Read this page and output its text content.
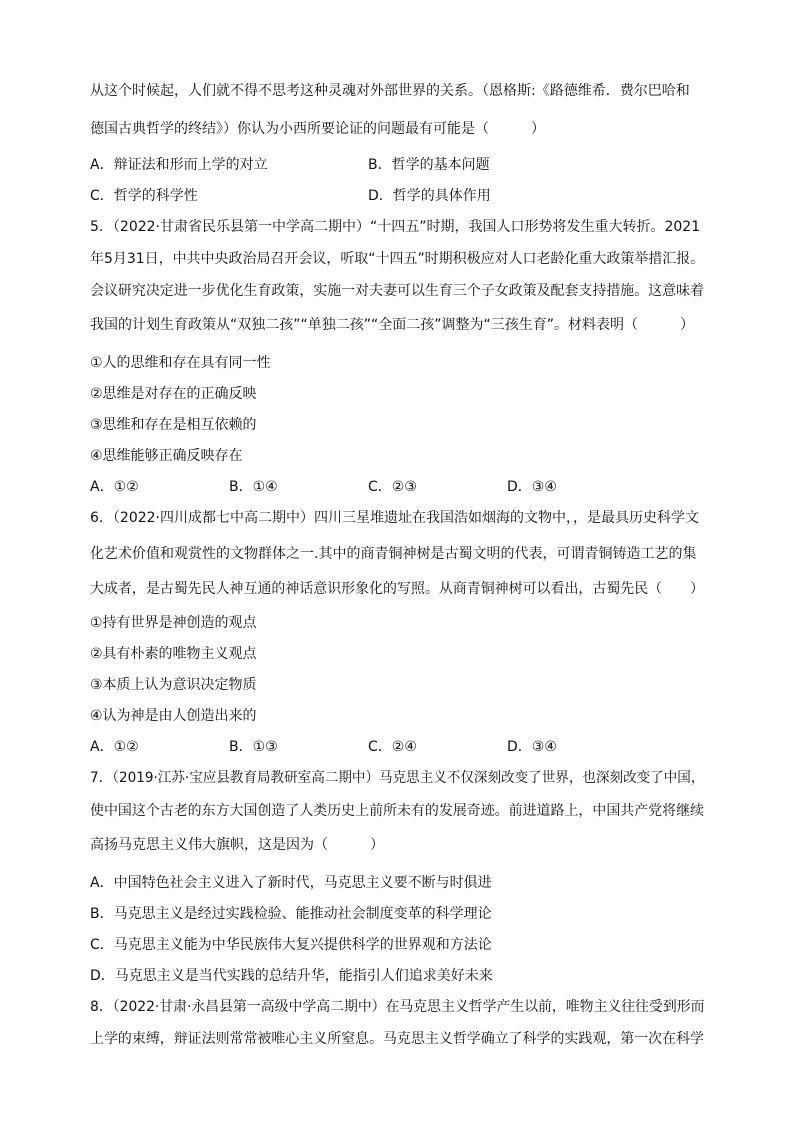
从这个时候起，人们就不得不思考这种灵魂对外部世界的关系。（恩格斯:《路德维希．费尔巴哈和
德国古典哲学的终结》）你认为小西所要论证的问题最有可能是（　　　）
A．辩证法和形而上学的对立	B．哲学的基本问题
C．哲学的科学性	D．哲学的具体作用
5．（2022·甘肃省民乐县第一中学高二期中）“十四五”时期，我国人口形势将发生重大转折。2021
年5月31日，中共中央政治局召开会议，听取“十四五”时期积极应对人口老龄化重大政策举措汇报。
会议研究决定进一步优化生育政策，实施一对夫妻可以生育三个子女政策及配套支持措施。这意味着
我国的计划生育政策从“双独二孩”“单独二孩”“全面二孩”调整为“三孩生育”。材料表明（　　　）
①人的思维和存在具有同一性
②思维是对存在的正确反映
③思维和存在是相互依赖的
④思维能够正确反映存在
A．①②	B．①④	C．②③	D．③④
6．（2022·四川成都七中高二期中）四川三星堆遗址在我国浩如烟海的文物中，，是最具历史科学文
化艺术价值和观赏性的文物群体之一.其中的商青铜神树是古蜀文明的代表，可谓青铜铸造工艺的集
大成者，是古蜀先民人神互通的神话意识形象化的写照。从商青铜神树可以看出，古蜀先民（　　）
①持有世界是神创造的观点
②具有朴素的唯物主义观点
③本质上认为意识决定物质
④认为神是由人创造出来的
A．①②	B．①③	C．②④	D．③④
7．（2019·江苏·宝应县教育局教研室高二期中）马克思主义不仅深刻改变了世界，也深刻改变了中国，
使中国这个古老的东方大国创造了人类历史上前所未有的发展奇迹。前进道路上，中国共产党将继续
高扬马克思主义伟大旗帜，这是因为（　　　）
A．中国特色社会主义进入了新时代，马克思主义要不断与时俱进
B．马克思主义是经过实践检验、能推动社会制度变革的科学理论
C．马克思主义能为中华民族伟大复兴提供科学的世界观和方法论
D．马克思主义是当代实践的总结升华，能指引人们追求美好未来
8．（2022·甘肃·永昌县第一高级中学高二期中）在马克思主义哲学产生以前，唯物主义往往受到形而
上学的束缚，辩证法则常常被唯心主义所窒息。马克思主义哲学确立了科学的实践观，第一次在科学
